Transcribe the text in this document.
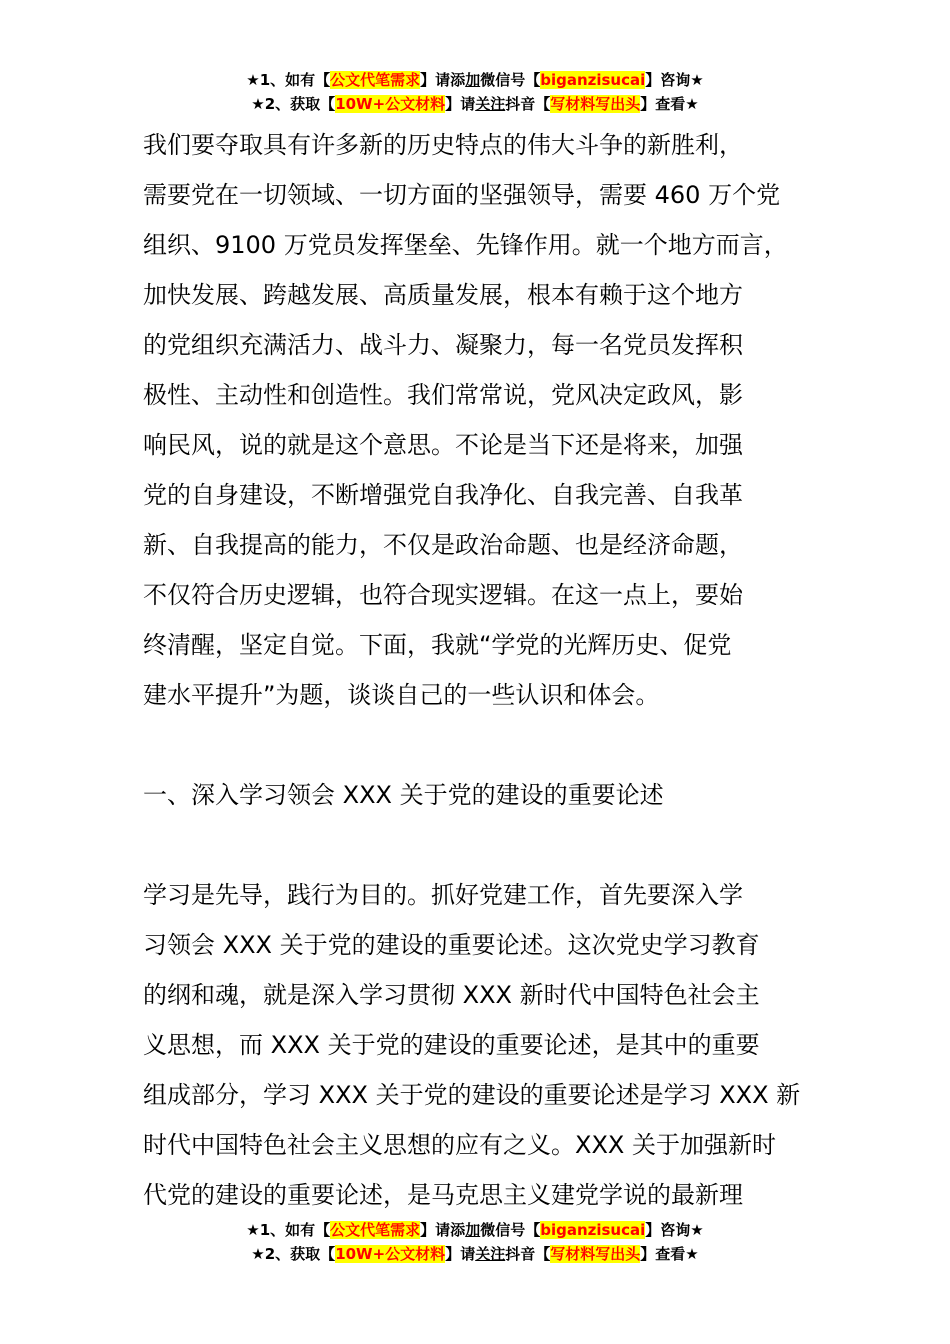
★1、如有【公文代笔需求】请添加微信号【biganzisucai】咨询★
★2、获取【10W+公文材料】请关注抖音【写材料写出头】查看★

我们要夺取具有许多新的历史特点的伟大斗争的新胜利，

需要党在一切领域、一切方面的坚强领导，需要 460 万个党

组织、9100 万党员发挥堡垒、先锋作用。就一个地方而言，

加快发展、跨越发展、高质量发展，根本有赖于这个地方

的党组织充满活力、战斗力、凝聚力，每一名党员发挥积

极性、主动性和创造性。我们常常说，党风决定政风，影

响民风，说的就是这个意思。不论是当下还是将来，加强

党的自身建设，不断增强党自我净化、自我完善、自我革

新、自我提高的能力，不仅是政治命题、也是经济命题，

不仅符合历史逻辑，也符合现实逻辑。在这一点上，要始

终清醒，坚定自觉。下面，我就“学党的光辉历史、促党

建水平提升”为题，谈谈自己的一些认识和体会。

一、深入学习领会 XXX 关于党的建设的重要论述

学习是先导，践行为目的。抓好党建工作，首先要深入学

习领会 XXX 关于党的建设的重要论述。这次党史学习教育

的纲和魂，就是深入学习贯彻 XXX 新时代中国特色社会主

义思想，而 XXX 关于党的建设的重要论述，是其中的重要

组成部分，学习 XXX 关于党的建设的重要论述是学习 XXX 新

时代中国特色社会主义思想的应有之义。XXX 关于加强新时

代党的建设的重要论述，是马克思主义建党学说的最新理

★1、如有【公文代笔需求】请添加微信号【biganzisucai】咨询★
★2、获取【10W+公文材料】请关注抖音【写材料写出头】查看★
